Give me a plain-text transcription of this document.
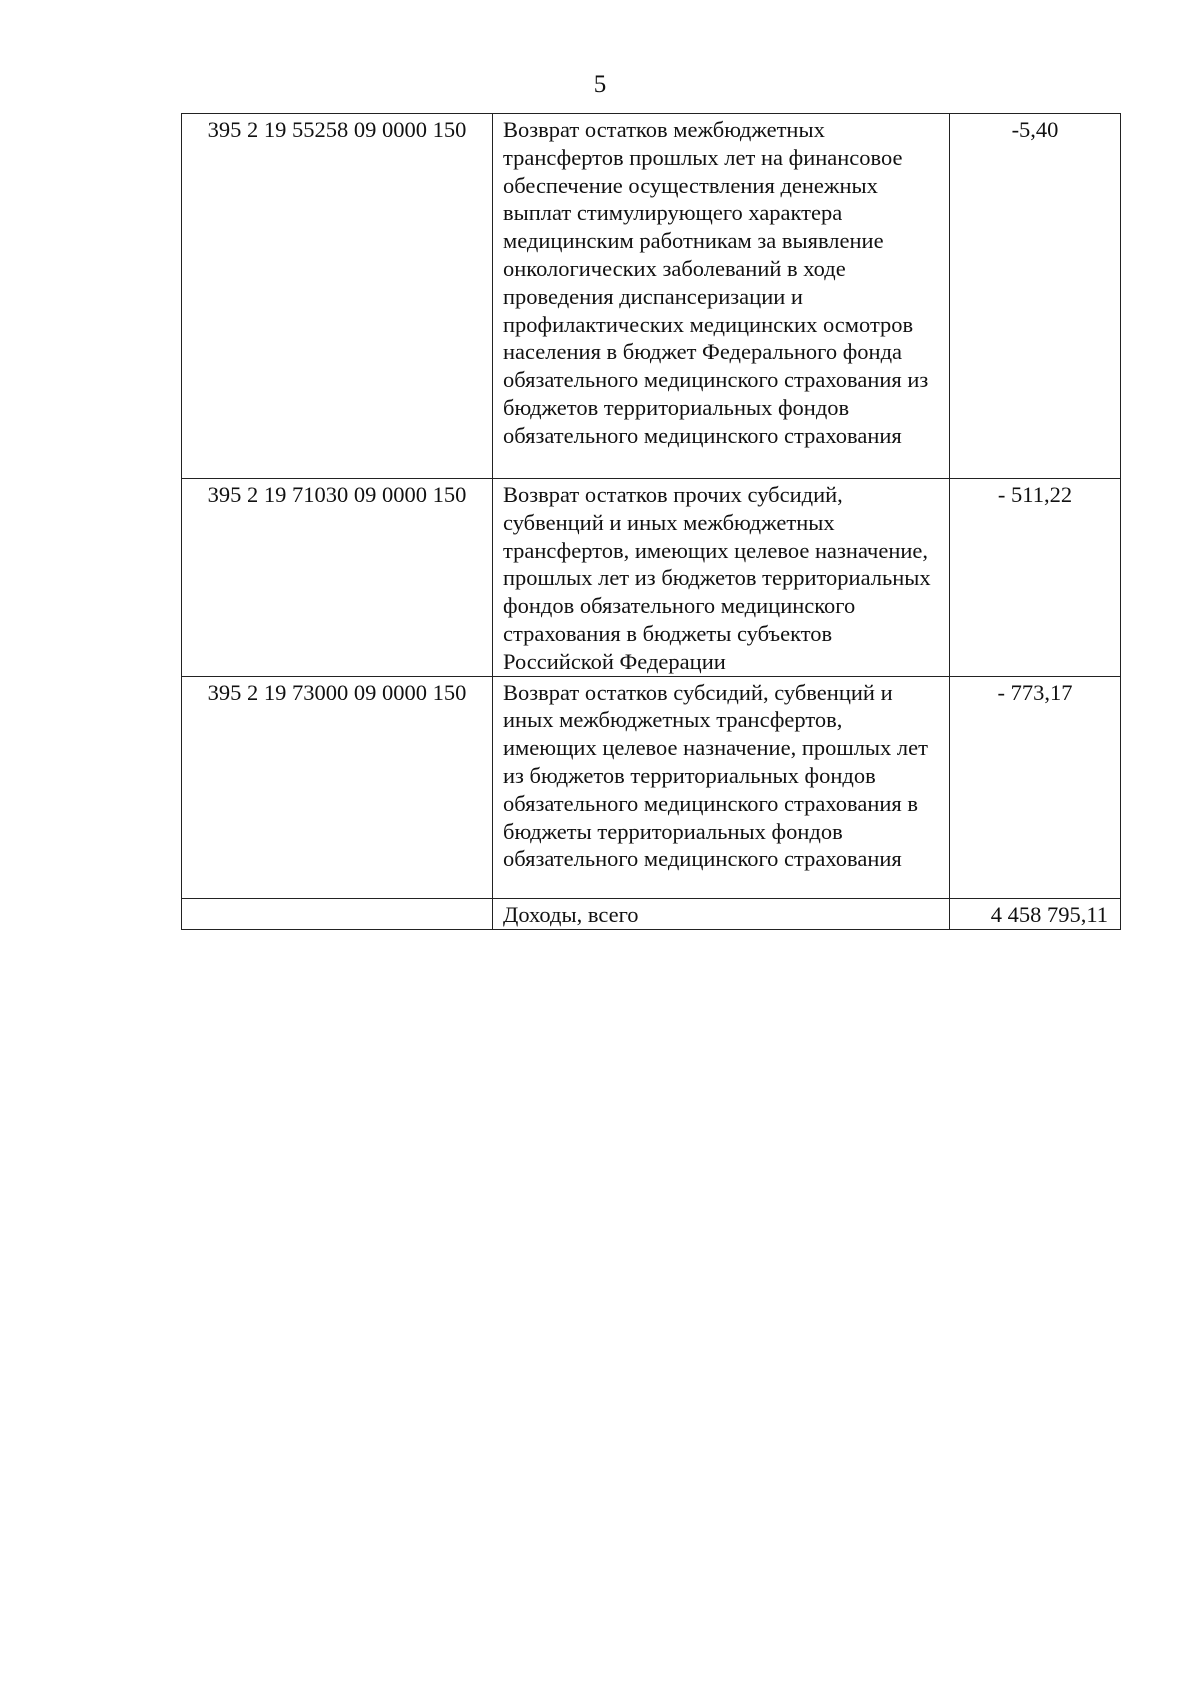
5
395 2 19 55258 09 0000 150	Возврат остатков межбюджетных трансфертов прошлых лет на финансовое обеспечение осуществления денежных выплат стимулирующего характера медицинским работникам за выявление онкологических заболеваний в ходе проведения диспансеризации и профилактических медицинских осмотров населения в бюджет Федерального фонда обязательного медицинского страхования из бюджетов территориальных фондов обязательного медицинского страхования	-5,40
395 2 19 71030 09 0000 150	Возврат остатков прочих субсидий, субвенций и иных межбюджетных трансфертов, имеющих целевое назначение, прошлых лет из бюджетов территориальных фондов обязательного медицинского страхования в бюджеты субъектов Российской Федерации	- 511,22
395 2 19 73000 09 0000 150	Возврат остатков субсидий, субвенций и иных межбюджетных трансфертов, имеющих целевое назначение, прошлых лет из бюджетов территориальных фондов обязательного медицинского страхования в бюджеты территориальных фондов обязательного медицинского страхования	- 773,17
	Доходы, всего	4 458 795,11
